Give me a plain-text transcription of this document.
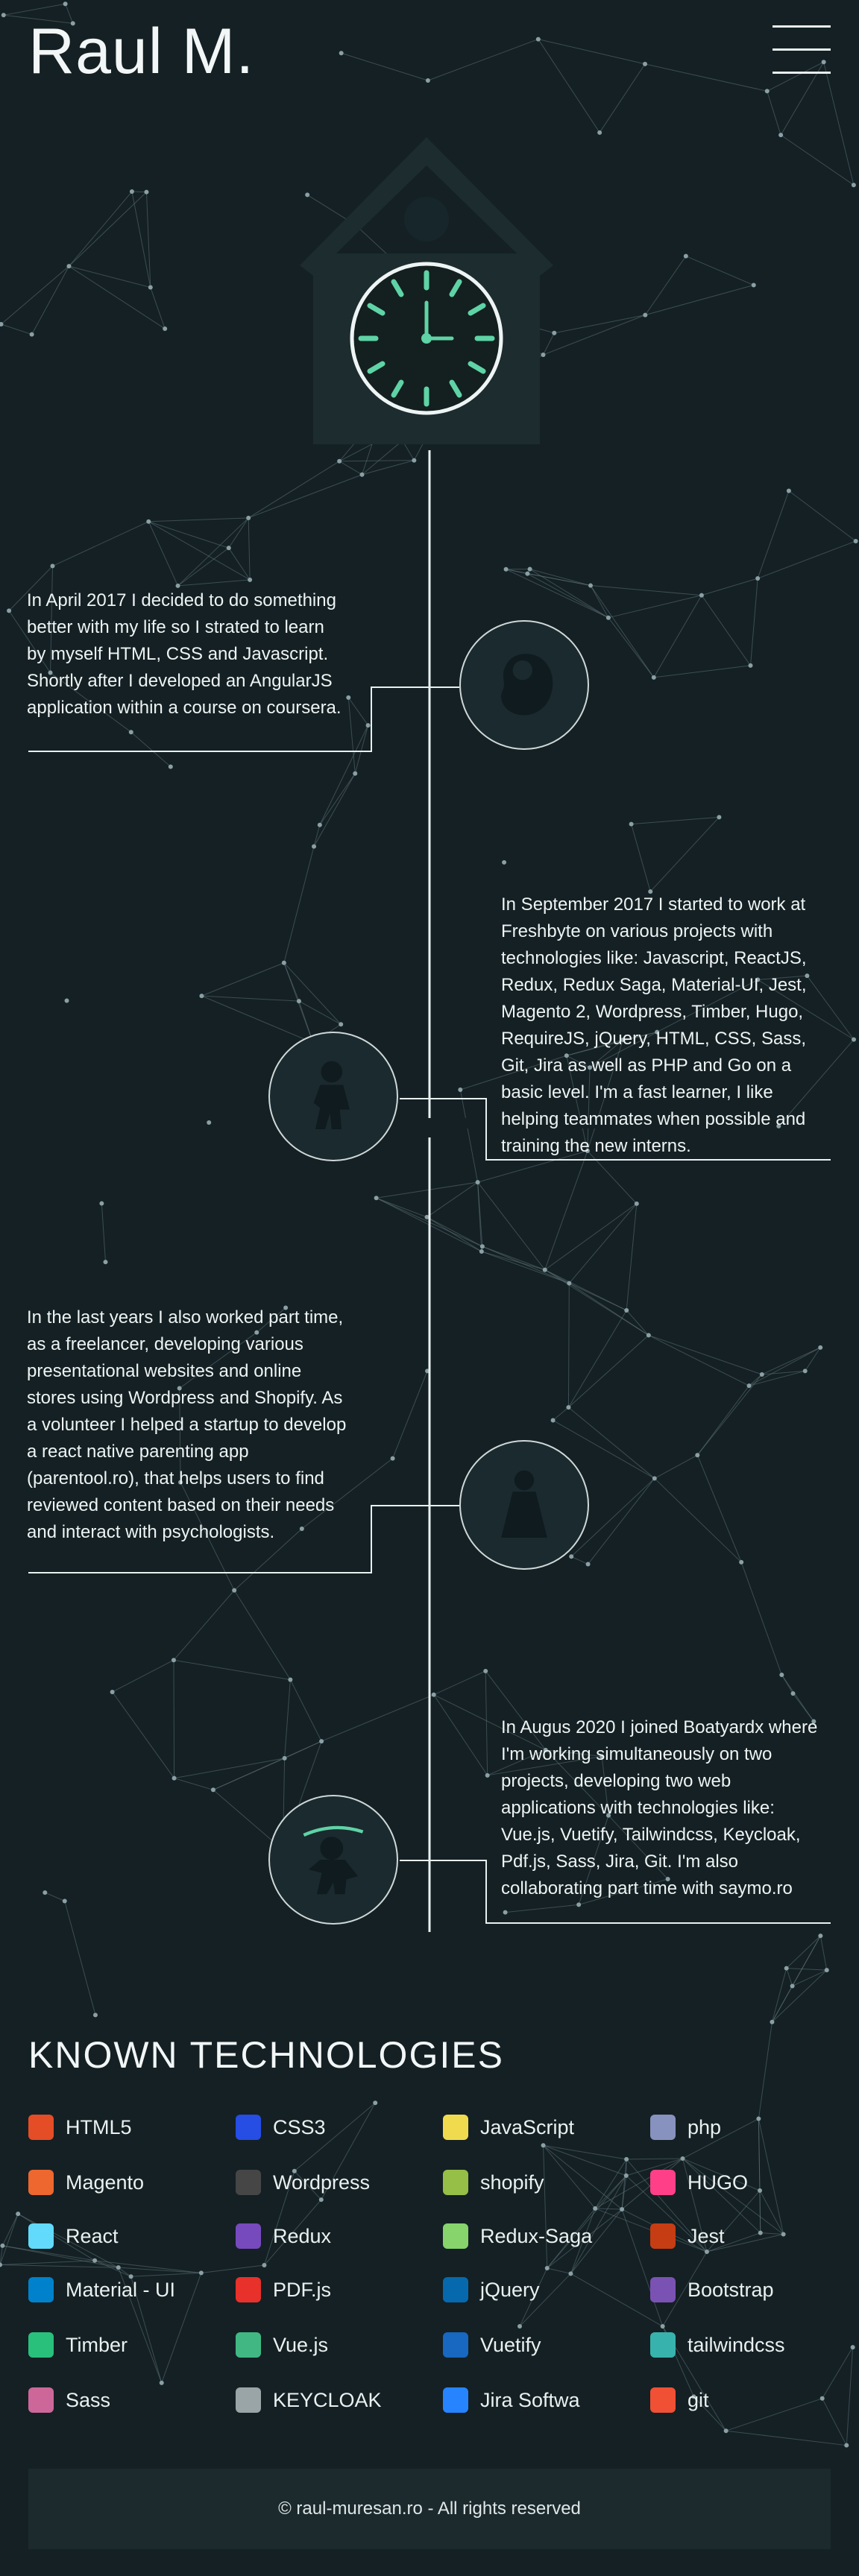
Raul M.
In April 2017 I decided to do something better with my life so I strated to learn by myself HTML, CSS and Javascript. Shortly after I developed an AngularJS application within a course on coursera.
In September 2017 I started to work at Freshbyte on various projects with technologies like: Javascript, ReactJS, Redux, Redux Saga, Material-UI, Jest, Magento 2, Wordpress, Timber, Hugo, RequireJS, jQuery, HTML, CSS, Sass, Git, Jira as well as PHP and Go on a basic level. I'm a fast learner, I like helping teammates when possible and training the new interns.
In the last years I also worked part time, as a freelancer, developing various presentational websites and online stores using Wordpress and Shopify. As a volunteer I helped a startup to develop a react native parenting app (parentool.ro), that helps users to find reviewed content based on their needs and interact with psychologists.
In Augus 2020 I joined Boatyardx where I'm working simultaneously on two projects, developing two web applications with technologies like: Vue.js, Vuetify, Tailwindcss, Keycloak, Pdf.js, Sass, Jira, Git. I'm also collaborating part time with saymo.ro
KNOWN TECHNOLOGIES
HTML5	CSS3	JavaScript	php
Magento	Wordpress	shopify	HUGO
React	Redux	Redux-Saga	Jest
Material - UI	PDF.js	jQuery	Bootstrap
Timber	Vue.js	Vuetify	tailwindcss
Sass	KEYCLOAK	Jira Softwa	git
© raul-muresan.ro - All rights reserved
